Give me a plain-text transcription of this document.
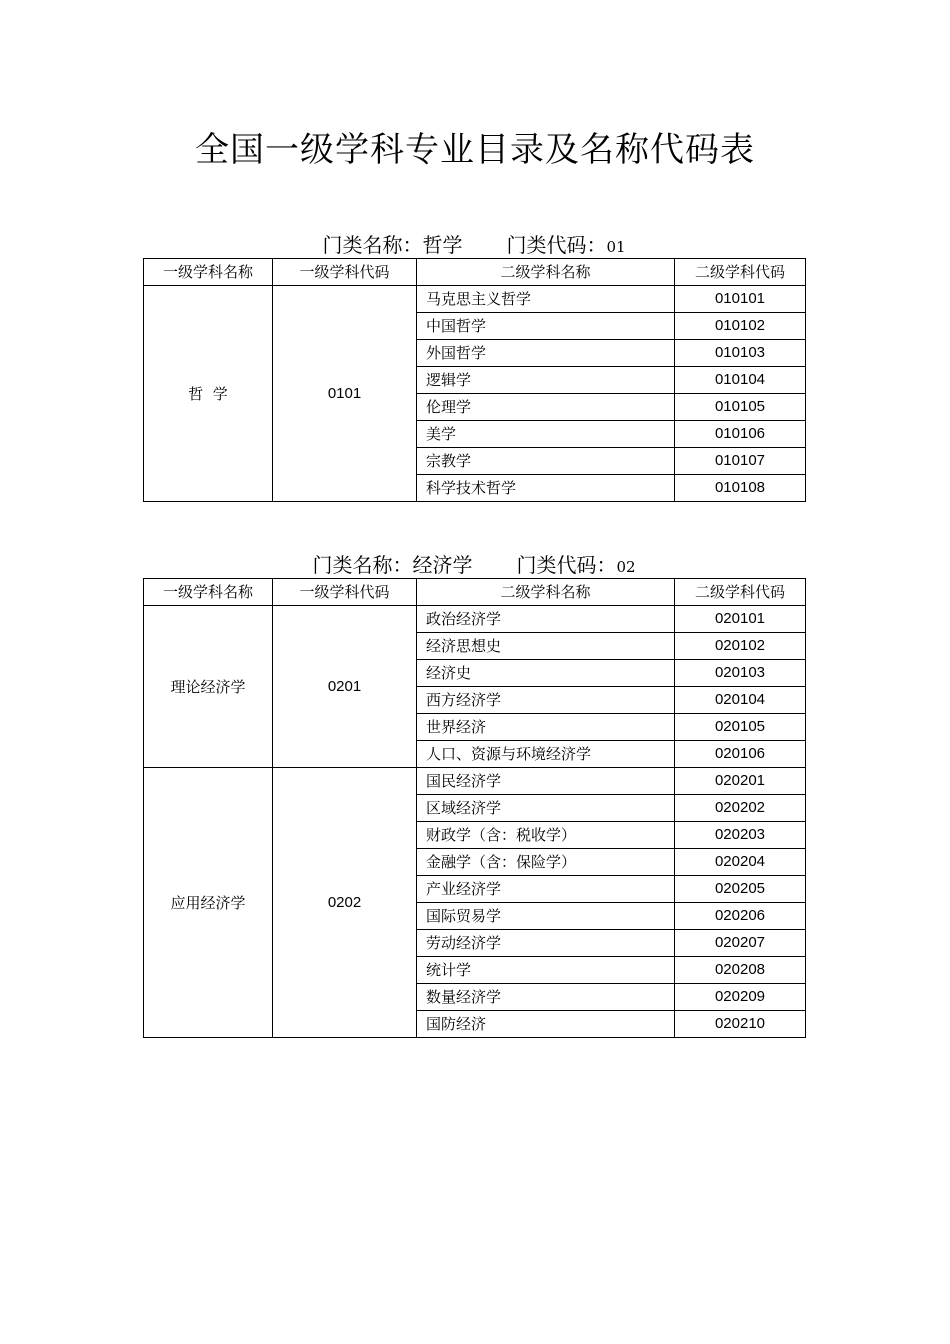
全国一级学科专业目录及名称代码表
门类名称：哲学 门类代码：01
一级学科名称	一级学科代码	二级学科名称	二级学科代码
哲  学	0101	马克思主义哲学	010101
		中国哲学	010102
		外国哲学	010103
		逻辑学	010104
		伦理学	010105
		美学	010106
		宗教学	010107
		科学技术哲学	010108
门类名称：经济学 门类代码：02
一级学科名称	一级学科代码	二级学科名称	二级学科代码
理论经济学	0201	政治经济学	020101
		经济思想史	020102
		经济史	020103
		西方经济学	020104
		世界经济	020105
		人口、资源与环境经济学	020106
应用经济学	0202	国民经济学	020201
		区域经济学	020202
		财政学（含：税收学）	020203
		金融学（含：保险学）	020204
		产业经济学	020205
		国际贸易学	020206
		劳动经济学	020207
		统计学	020208
		数量经济学	020209
		国防经济	020210
